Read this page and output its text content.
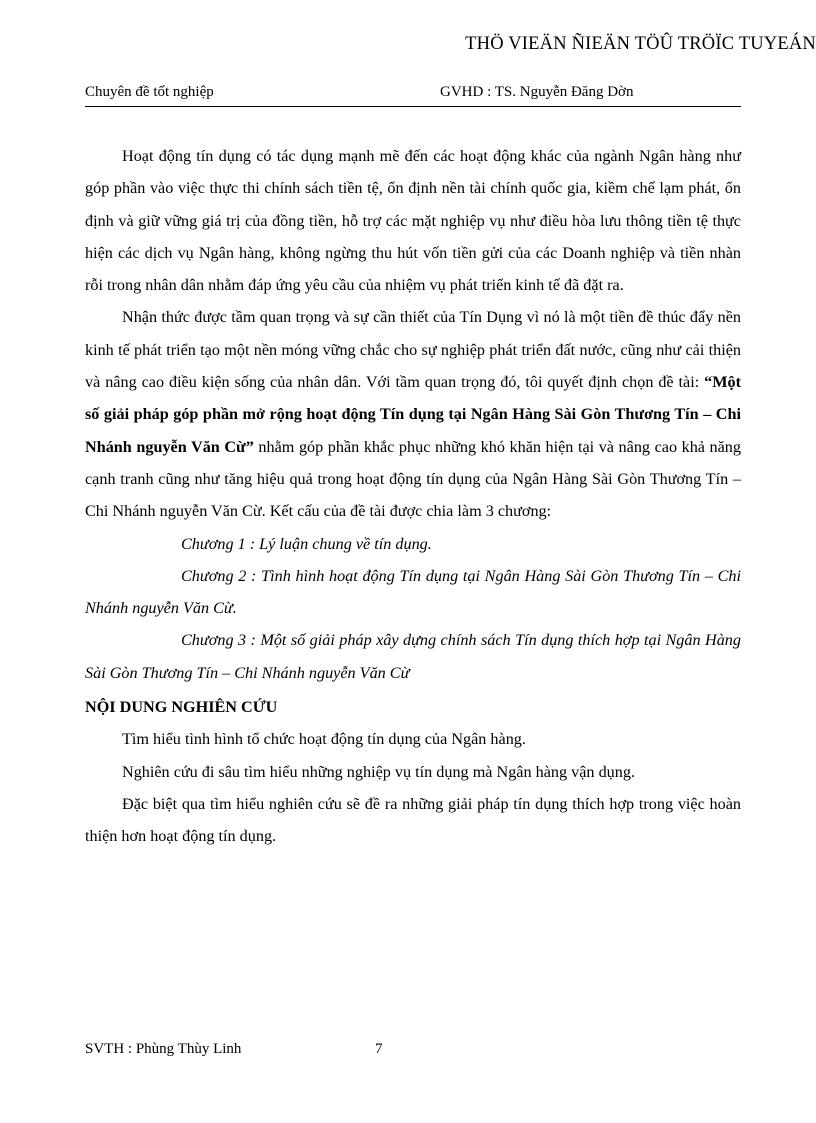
THÖ VIEÄN ÑIEÄN TÖÛ TRÖÏC TUYEÁN
Chuyên đề tốt nghiệp	GVHD : TS. Nguyễn Đăng Dờn

Hoạt động tín dụng có tác dụng mạnh mẽ đến các hoạt động khác của ngành Ngân hàng như góp phần vào việc thực thi chính sách tiền tệ, ổn định nền tài chính quốc gia, kiềm chế lạm phát, ổn định và giữ vững giá trị của đồng tiền, hỗ trợ các mặt nghiệp vụ như điều hòa lưu thông tiền tệ thực hiện các dịch vụ Ngân hàng, không ngừng thu hút vốn tiền gửi của các Doanh nghiệp và tiền nhàn rỗi trong nhân dân nhằm đáp ứng yêu cầu của nhiệm vụ phát triển kinh tế đã đặt ra.

Nhận thức được tầm quan trọng và sự cần thiết của Tín Dụng vì nó là một tiền đề thúc đẩy nền kinh tế phát triển tạo một nền móng vững chắc cho sự nghiệp phát triển đất nước, cũng như cải thiện và nâng cao điều kiện sống của nhân dân. Với tầm quan trọng đó, tôi quyết định chọn đề tài: “Một số giải pháp góp phần mở rộng hoạt động Tín dụng tại Ngân Hàng Sài Gòn Thương Tín – Chi Nhánh nguyễn Văn Cừ” nhằm góp phần khắc phục những khó khăn hiện tại và nâng cao khả năng cạnh tranh cũng như tăng hiệu quả trong hoạt động tín dụng của Ngân Hàng Sài Gòn Thương Tín – Chi Nhánh nguyễn Văn Cừ. Kết cấu của đề tài được chia làm 3 chương:

Chương 1 : Lý luận chung về tín dụng.

Chương 2 : Tình hình hoạt động Tín dụng tại Ngân Hàng Sài Gòn Thương Tín – Chi Nhánh nguyễn Văn Cừ.

Chương 3 : Một số giải pháp xây dựng chính sách Tín dụng thích hợp tại Ngân Hàng Sài Gòn Thương Tín – Chi Nhánh nguyễn Văn Cừ

NỘI DUNG NGHIÊN CỨU

Tìm hiểu tình hình tổ chức hoạt động tín dụng của Ngân hàng.

Nghiên cứu đi sâu tìm hiểu những nghiệp vụ tín dụng mà Ngân hàng vận dụng.

Đặc biệt qua tìm hiểu nghiên cứu sẽ đề ra những giải pháp tín dụng thích hợp trong việc hoàn thiện hơn hoạt động tín dụng.

SVTH : Phùng Thùy Linh	7
